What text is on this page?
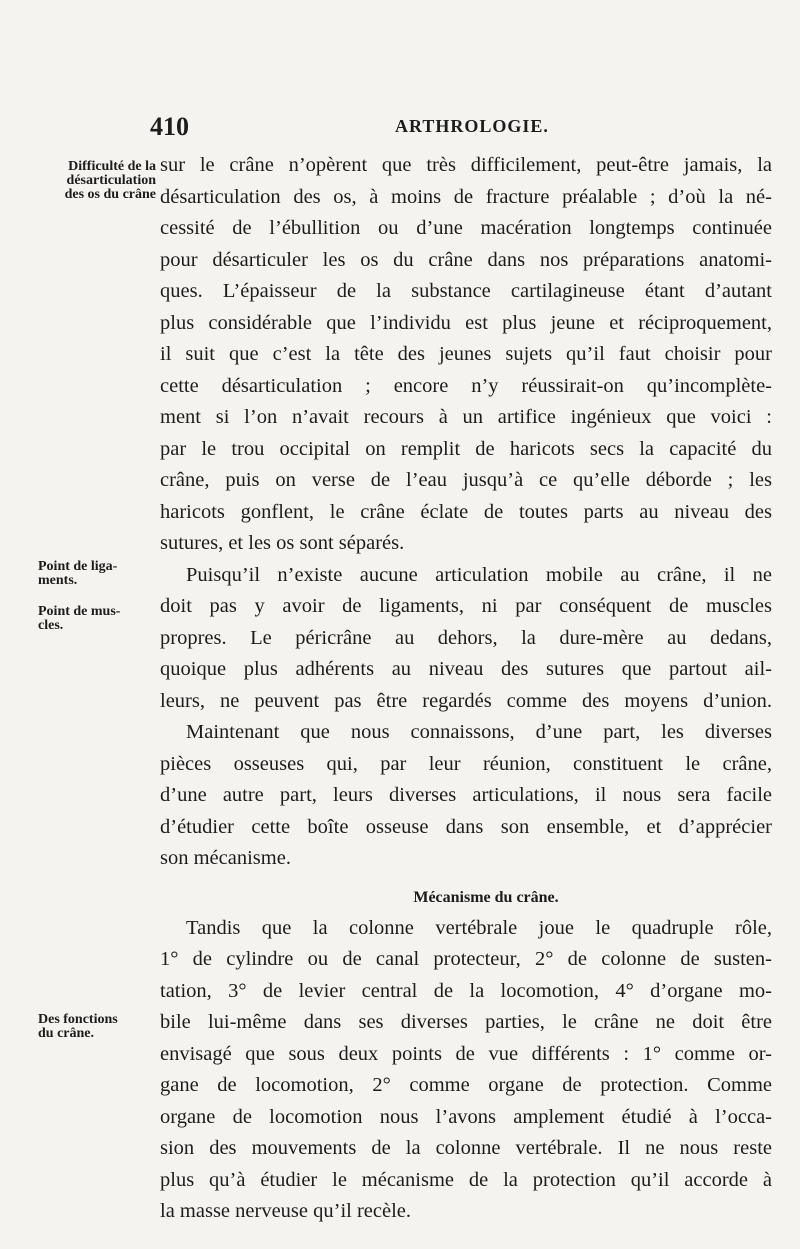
410	ARTHROLOGIE.
Difficulté de la
désarticulation
des os du crâne
Point de liga-
ments.
Point de mus-
cles.
Des fonctions
du crâne.
sur le crâne n’opèrent que très difficilement, peut-être jamais, la
désarticulation des os, à moins de fracture préalable ; d’où la né-
cessité de l’ébullition ou d’une macération longtemps continuée
pour désarticuler les os du crâne dans nos préparations anatomi-
ques. L’épaisseur de la substance cartilagineuse étant d’autant
plus considérable que l’individu est plus jeune et réciproquement,
il suit que c’est la tête des jeunes sujets qu’il faut choisir pour
cette désarticulation ; encore n’y réussirait-on qu’incomplète-
ment si l’on n’avait recours à un artifice ingénieux que voici :
par le trou occipital on remplit de haricots secs la capacité du
crâne, puis on verse de l’eau jusqu’à ce qu’elle déborde ; les
haricots gonflent, le crâne éclate de toutes parts au niveau des
sutures, et les os sont séparés.
Puisqu’il n’existe aucune articulation mobile au crâne, il ne
doit pas y avoir de ligaments, ni par conséquent de muscles
propres. Le péricrâne au dehors, la dure-mère au dedans,
quoique plus adhérents au niveau des sutures que partout ail-
leurs, ne peuvent pas être regardés comme des moyens d’union.
Maintenant que nous connaissons, d’une part, les diverses
pièces osseuses qui, par leur réunion, constituent le crâne,
d’une autre part, leurs diverses articulations, il nous sera facile
d’étudier cette boîte osseuse dans son ensemble, et d’apprécier
son mécanisme.
Mécanisme du crâne.
Tandis que la colonne vertébrale joue le quadruple rôle,
1° de cylindre ou de canal protecteur, 2° de colonne de susten-
tation, 3° de levier central de la locomotion, 4° d’organe mo-
bile lui-même dans ses diverses parties, le crâne ne doit être
envisagé que sous deux points de vue différents : 1° comme or-
gane de locomotion, 2° comme organe de protection. Comme
organe de locomotion nous l’avons amplement étudié à l’occa-
sion des mouvements de la colonne vertébrale. Il ne nous reste
plus qu’à étudier le mécanisme de la protection qu’il accorde à
la masse nerveuse qu’il recèle.
